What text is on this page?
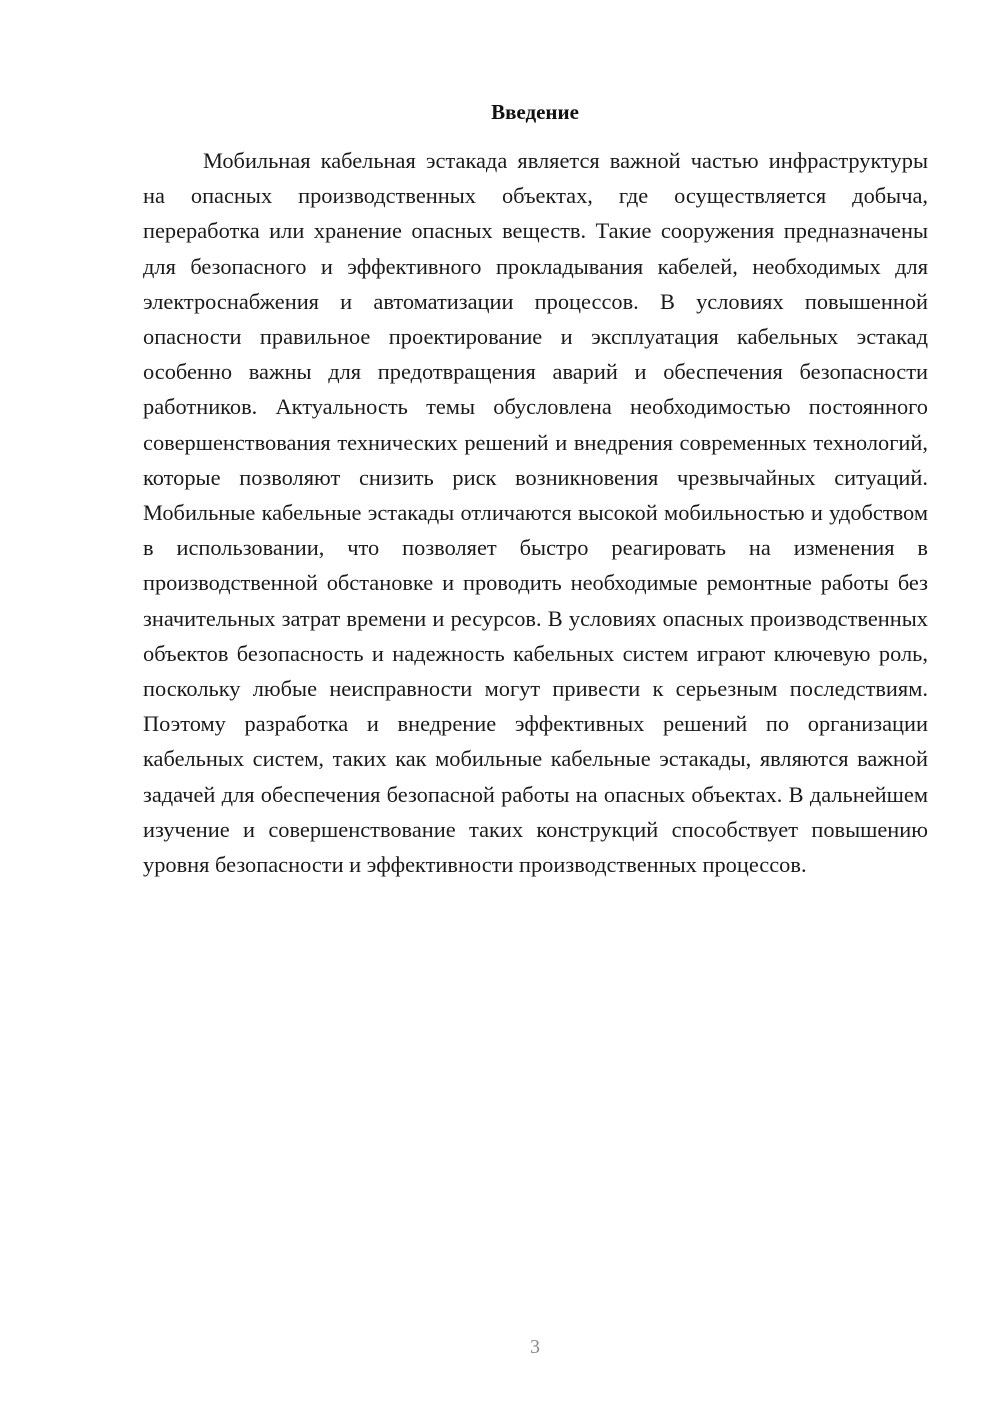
Введение

Мобильная кабельная эстакада является важной частью инфраструктуры на опасных производственных объектах, где осуществляется добыча, переработка или хранение опасных веществ. Такие сооружения предназначены для безопасного и эффективного прокладывания кабелей, необходимых для электроснабжения и автоматизации процессов. В условиях повышенной опасности правильное проектирование и эксплуатация кабельных эстакад особенно важны для предотвращения аварий и обеспечения безопасности работников. Актуальность темы обусловлена необходимостью постоянного совершенствования технических решений и внедрения современных технологий, которые позволяют снизить риск возникновения чрезвычайных ситуаций. Мобильные кабельные эстакады отличаются высокой мобильностью и удобством в использовании, что позволяет быстро реагировать на изменения в производственной обстановке и проводить необходимые ремонтные работы без значительных затрат времени и ресурсов. В условиях опасных производственных объектов безопасность и надежность кабельных систем играют ключевую роль, поскольку любые неисправности могут привести к серьезным последствиям. Поэтому разработка и внедрение эффективных решений по организации кабельных систем, таких как мобильные кабельные эстакады, являются важной задачей для обеспечения безопасной работы на опасных объектах. В дальнейшем изучение и совершенствование таких конструкций способствует повышению уровня безопасности и эффективности производственных процессов.

3
